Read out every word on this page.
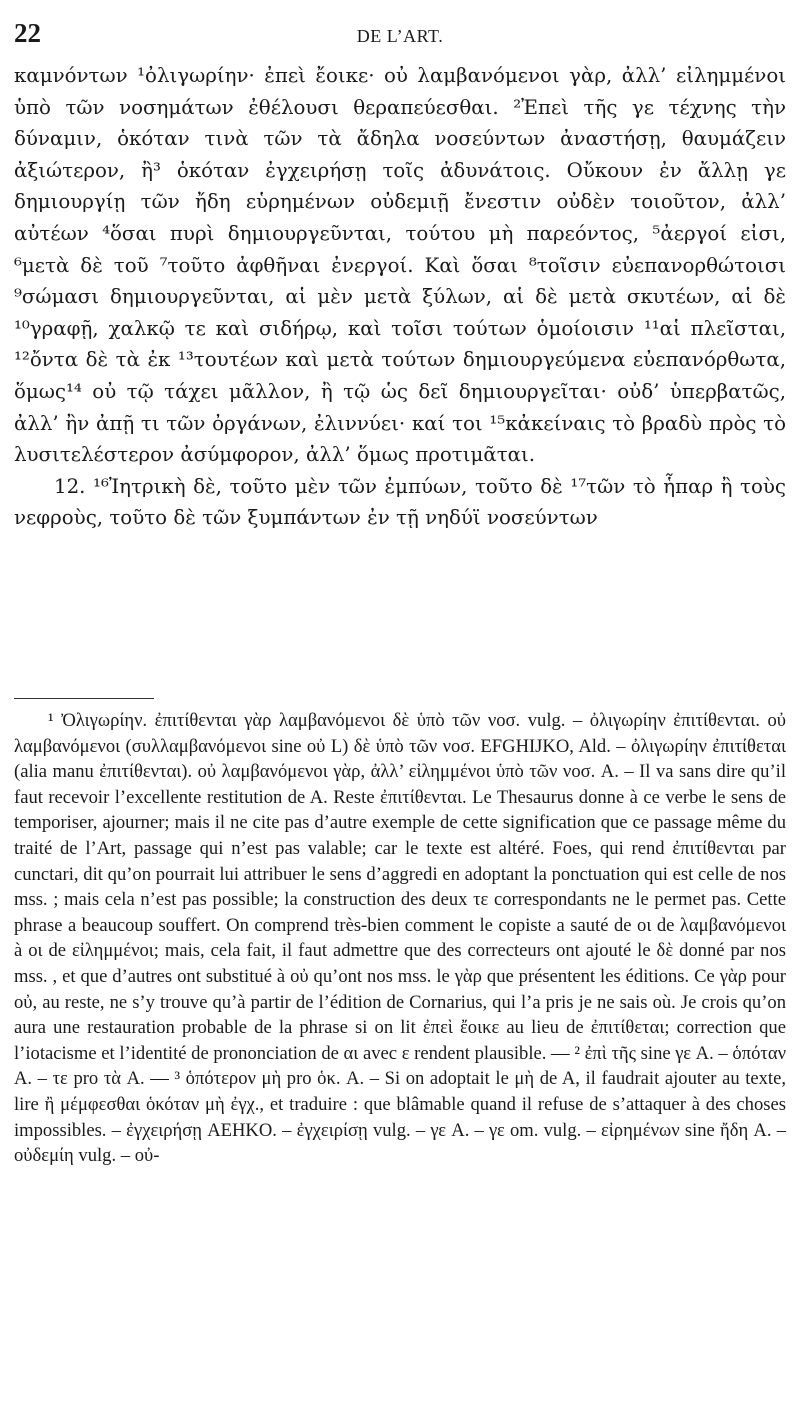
22	DE L’ART.

καμνόντων ¹ὀλιγωρίην· ἐπεὶ ἔοικε· οὐ λαμβανόμενοι γὰρ, ἀλλ’ εἰλημμένοι ὑπὸ τῶν νοσημάτων ἐθέλουσι θεραπεύεσθαι. ²Ἐπεὶ τῆς γε τέχνης τὴν δύναμιν, ὁκόταν τινὰ τῶν τὰ ἄδηλα νοσεύντων ἀναστήσῃ, θαυμάζειν ἀξιώτερον, ἢ³ ὁκόταν ἐγχειρήσῃ τοῖς ἀδυνάτοις. Οὔκουν ἐν ἄλλῃ γε δημιουργίῃ τῶν ἤδη εὑρημένων οὐδεμιῇ ἔνεστιν οὐδὲν τοιοῦτον, ἀλλ’ αὐτέων ⁴ὅσαι πυρὶ δημιουργεῦνται, τούτου μὴ παρεόντος, ⁵ἀεργοί εἰσι, ⁶μετὰ δὲ τοῦ ⁷τοῦτο ἀφθῆναι ἐνεργοί. Καὶ ὅσαι ⁸τοῖσιν εὐεπανορθώτοισι ⁹σώμασι δημιουργεῦνται, αἱ μὲν μετὰ ξύλων, αἱ δὲ μετὰ σκυτέων, αἱ δὲ ¹⁰γραφῇ, χαλκῷ τε καὶ σιδήρῳ, καὶ τοῖσι τούτων ὁμοίοισιν ¹¹αἱ πλεῖσται, ¹²ὄντα δὲ τὰ ἐκ ¹³τουτέων καὶ μετὰ τούτων δημιουργεύμενα εὐεπανόρθωτα, ὅμως¹⁴ οὐ τῷ τάχει μᾶλλον, ἢ τῷ ὡς δεῖ δημιουργεῖται· οὐδ’ ὑπερβατῶς, ἀλλ’ ἢν ἀπῇ τι τῶν ὀργάνων, ἐλιννύει· καί τοι ¹⁵κἀκείναις τὸ βραδὺ πρὸς τὸ λυσιτελέστερον ἀσύμφορον, ἀλλ’ ὅμως προτιμᾶται.

12. ¹⁶Ἰητρικὴ δὲ, τοῦτο μὲν τῶν ἐμπύων, τοῦτο δὲ ¹⁷τῶν τὸ ἧπαρ ἢ τοὺς νεφροὺς, τοῦτο δὲ τῶν ξυμπάντων ἐν τῇ νηδύϊ νοσεύντων

¹ Ὀλιγωρίην. ἐπιτίθενται γὰρ λαμβανόμενοι δὲ ὑπὸ τῶν νοσ. vulg. – ὀλιγωρίην ἐπιτίθενται. οὐ λαμβανόμενοι (συλλαμβανόμενοι sine οὐ L) δὲ ὑπὸ τῶν νοσ. EFGHIJKO, Ald. – ὀλιγωρίην ἐπιτίθεται (alia manu ἐπιτίθενται). οὐ λαμβανόμενοι γὰρ, ἀλλ’ εἰλημμένοι ὑπὸ τῶν νοσ. A. – Il va sans dire qu’il faut recevoir l’excellente restitution de A. Reste ἐπιτίθενται. Le Thesaurus donne à ce verbe le sens de temporiser, ajourner; mais il ne cite pas d’autre exemple de cette signification que ce passage même du traité de l’Art, passage qui n’est pas valable; car le texte est altéré. Foes, qui rend ἐπιτίθενται par cunctari, dit qu’on pourrait lui attribuer le sens d’aggredi en adoptant la ponctuation qui est celle de nos mss. ; mais cela n’est pas possible; la construction des deux τε correspondants ne le permet pas. Cette phrase a beaucoup souffert. On comprend très-bien comment le copiste a sauté de οι de λαμβανόμενοι à οι de εἰλημμένοι; mais, cela fait, il faut admettre que des correcteurs ont ajouté le δὲ donné par nos mss. , et que d’autres ont substitué à οὐ qu’ont nos mss. le γὰρ que présentent les éditions. Ce γὰρ pour οὐ, au reste, ne s’y trouve qu’à partir de l’édition de Cornarius, qui l’a pris je ne sais où. Je crois qu’on aura une restauration probable de la phrase si on lit ἐπεὶ ἔοικε au lieu de ἐπιτίθεται; correction que l’iotacisme et l’identité de prononciation de αι avec ε rendent plausible. — ² ἐπὶ τῆς sine γε A. – ὁπόταν A. – τε pro τὰ A. — ³ ὁπότερον μὴ pro ὁκ. A. – Si on adoptait le μὴ de A, il faudrait ajouter au texte, lire ἢ μέμφεσθαι ὁκόταν μὴ ἐγχ., et traduire : que blâmable quand il refuse de s’attaquer à des choses impossibles. – ἐγχειρήσῃ AEHKO. – ἐγχειρίσῃ vulg. – γε A. – γε om. vulg. – εἰρημένων sine ἤδη A. – οὐδεμίη vulg. – οὐ-
